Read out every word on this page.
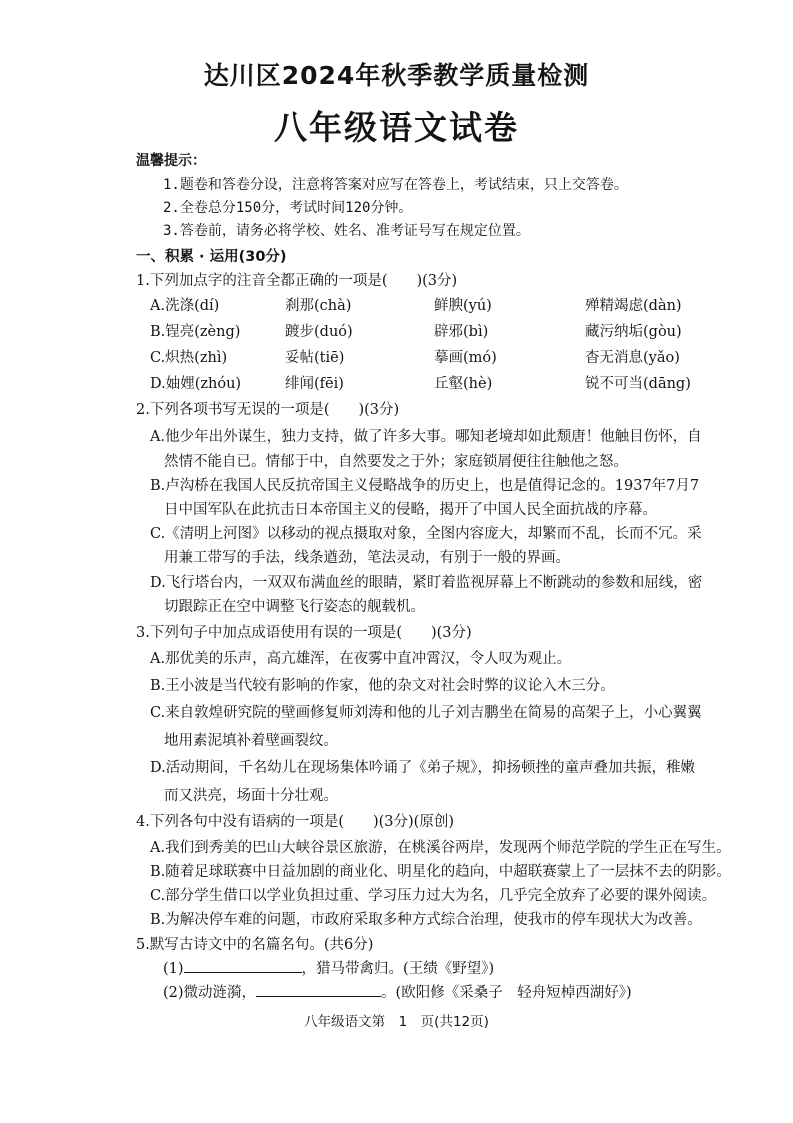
达川区2024年秋季教学质量检测
八年级语文试卷
温馨提示：
1.题卷和答卷分设，注意将答案对应写在答卷上，考试结束，只上交答卷。
2.全卷总分150分，考试时间120分钟。
3.答卷前，请务必将学校、姓名、准考证号写在规定位置。
一、积累 · 运用(30分)
1.下列加点字的注音全都正确的一项是(　　)(3分)
A.洗涤(dí)	刹那(chà)	鲜腴(yú)	殚精竭虑(dàn)
B.锃亮(zèng)	踱步(duó)	辟邪(bì)	藏污纳垢(gòu)
C.炽热(zhì)	妥帖(tiē)	摹画(mó)	杳无消息(yǎo)
D.妯娌(zhóu)	绯闻(fēi)	丘壑(hè)	锐不可当(dāng)
2.下列各项书写无误的一项是(　　)(3分)
A.他少年出外谋生，独力支持，做了许多大事。哪知老境却如此颓唐！他触目伤怀，自
然情不能自已。情郁于中，自然要发之于外；家庭锁屑便往往触他之怒。
B.卢沟桥在我国人民反抗帝国主义侵略战争的历史上，也是值得记念的。1937年7月7
日中国军队在此抗击日本帝国主义的侵略，揭开了中国人民全面抗战的序幕。
C.《清明上河图》以移动的视点摄取对象，全图内容庞大，却繁而不乱，长而不冗。采
用兼工带写的手法，线条遒劲，笔法灵动，有别于一般的界画。
D.飞行塔台内，一双双布满血丝的眼睛，紧盯着监视屏幕上不断跳动的参数和屈线，密
切跟踪正在空中调整飞行姿态的舰载机。
3.下列句子中加点成语使用有误的一项是(　　)(3分)
A.那优美的乐声，高亢雄浑，在夜雾中直冲霄汉，令人叹为观止。
B.王小波是当代较有影响的作家，他的杂文对社会时弊的议论入木三分。
C.来自敦煌研究院的壁画修复师刘涛和他的儿子刘吉鹏坐在简易的高架子上，小心翼翼
地用素泥填补着壁画裂纹。
D.活动期间，千名幼儿在现场集体吟诵了《弟子规》，抑扬顿挫的童声叠加共振，稚嫩
而又洪亮，场面十分壮观。
4.下列各句中没有语病的一项是(　　)(3分)(原创)
A.我们到秀美的巴山大峡谷景区旅游，在桃溪谷两岸，发现两个师范学院的学生正在写生。
B.随着足球联赛中日益加剧的商业化、明星化的趋向，中超联赛蒙上了一层抹不去的阴影。
C.部分学生借口以学业负担过重、学习压力过大为名，几乎完全放弃了必要的课外阅读。
B.为解决停车难的问题，市政府采取多种方式综合治理，使我市的停车现状大为改善。
5.默写古诗文中的名篇名句。(共6分)
(1)	，猎马带禽归。(王绩《野望》)
(2)微动涟漪，	。(欧阳修《采桑子　轻舟短棹西湖好》)
八年级语文第　1　页(共12页)
